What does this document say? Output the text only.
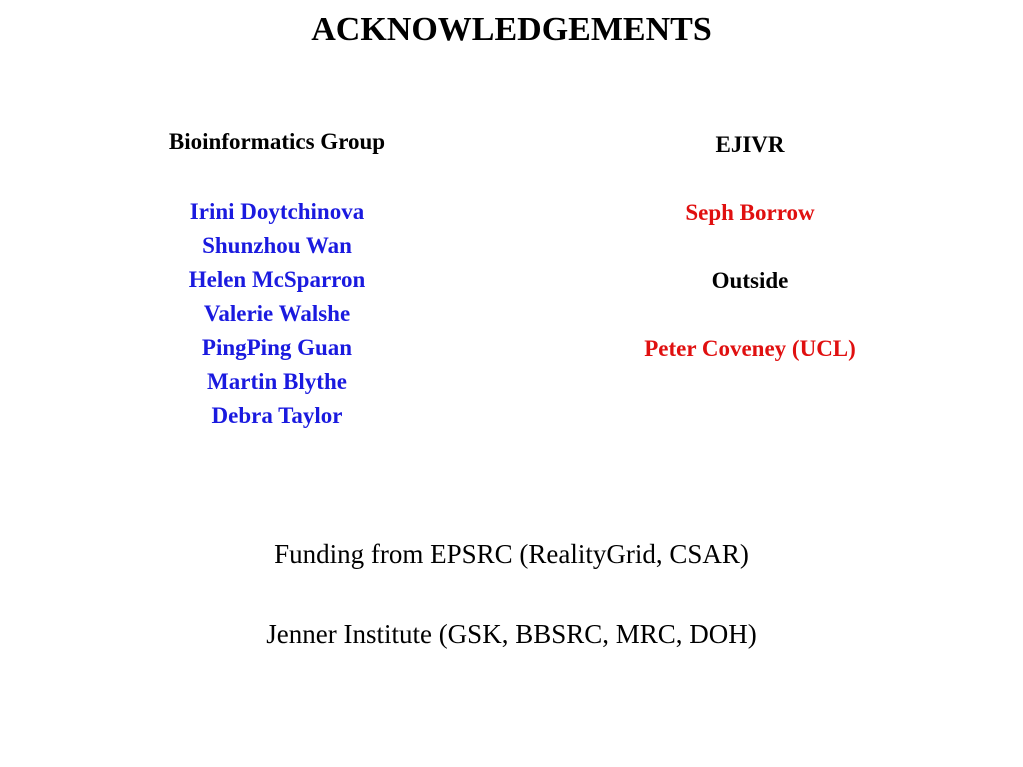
ACKNOWLEDGEMENTS
Bioinformatics Group
Irini Doytchinova
Shunzhou Wan
Helen McSparron
Valerie Walshe
PingPing Guan
Martin Blythe
Debra Taylor
EJIVR
Seph Borrow
Outside
Peter Coveney (UCL)
Funding from EPSRC (RealityGrid, CSAR)
Jenner Institute (GSK, BBSRC, MRC, DOH)
